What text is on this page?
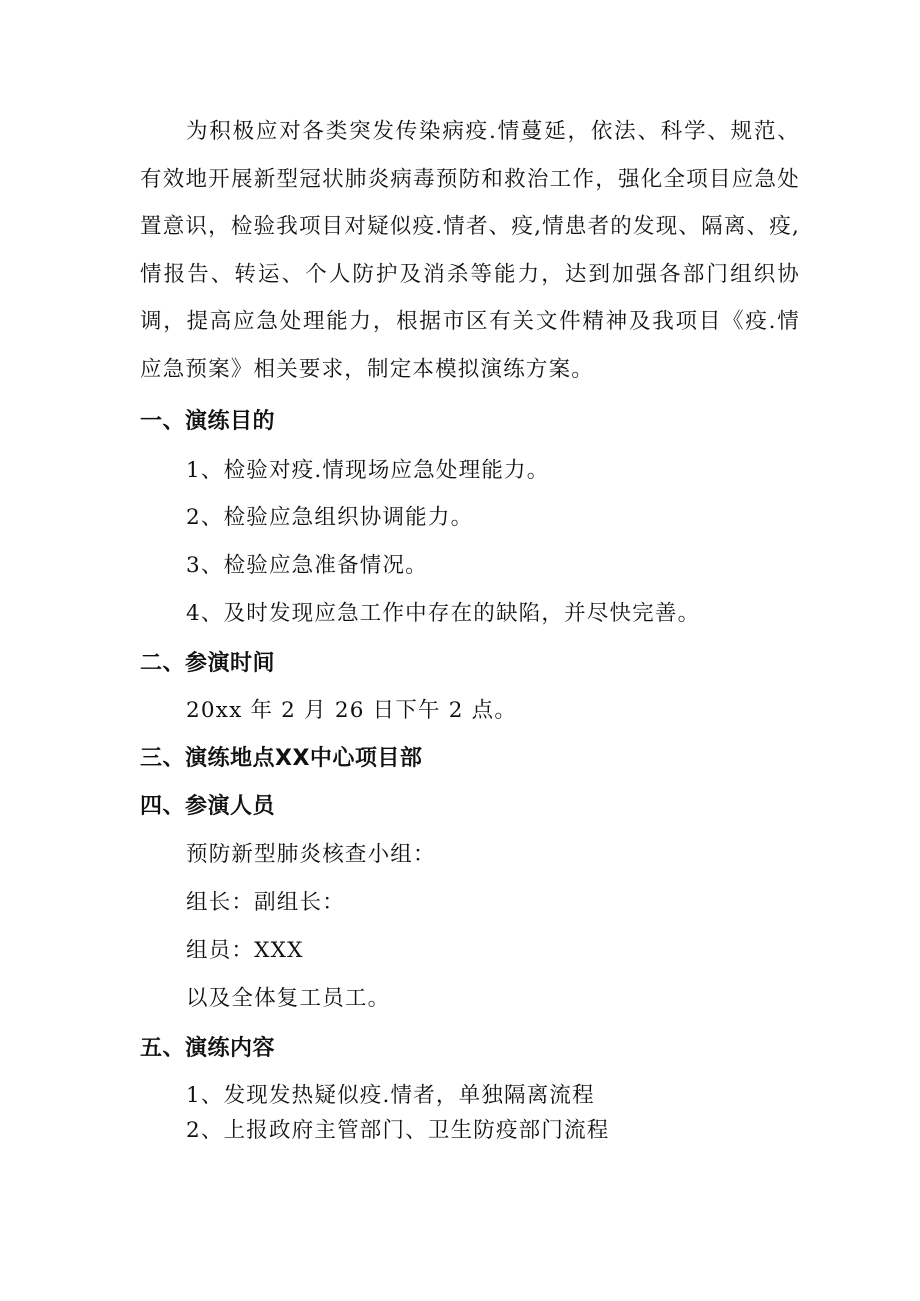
为积极应对各类突发传染病疫.情蔓延，依法、科学、规范、有效地开展新型冠状肺炎病毒预防和救治工作，强化全项目应急处置意识，检验我项目对疑似疫.情者、疫,情患者的发现、隔离、疫,情报告、转运、个人防护及消杀等能力，达到加强各部门组织协调，提高应急处理能力，根据市区有关文件精神及我项目《疫.情应急预案》相关要求，制定本模拟演练方案。

一、演练目的

1、检验对疫.情现场应急处理能力。

2、检验应急组织协调能力。

3、检验应急准备情况。

4、及时发现应急工作中存在的缺陷，并尽快完善。

二、参演时间

20xx 年 2 月 26 日下午 2 点。

三、演练地点XX中心项目部
四、参演人员

预防新型肺炎核查小组：

组长：副组长：

组员：XXX

以及全体复工员工。

五、演练内容

1、发现发热疑似疫.情者，单独隔离流程

2、上报政府主管部门、卫生防疫部门流程
